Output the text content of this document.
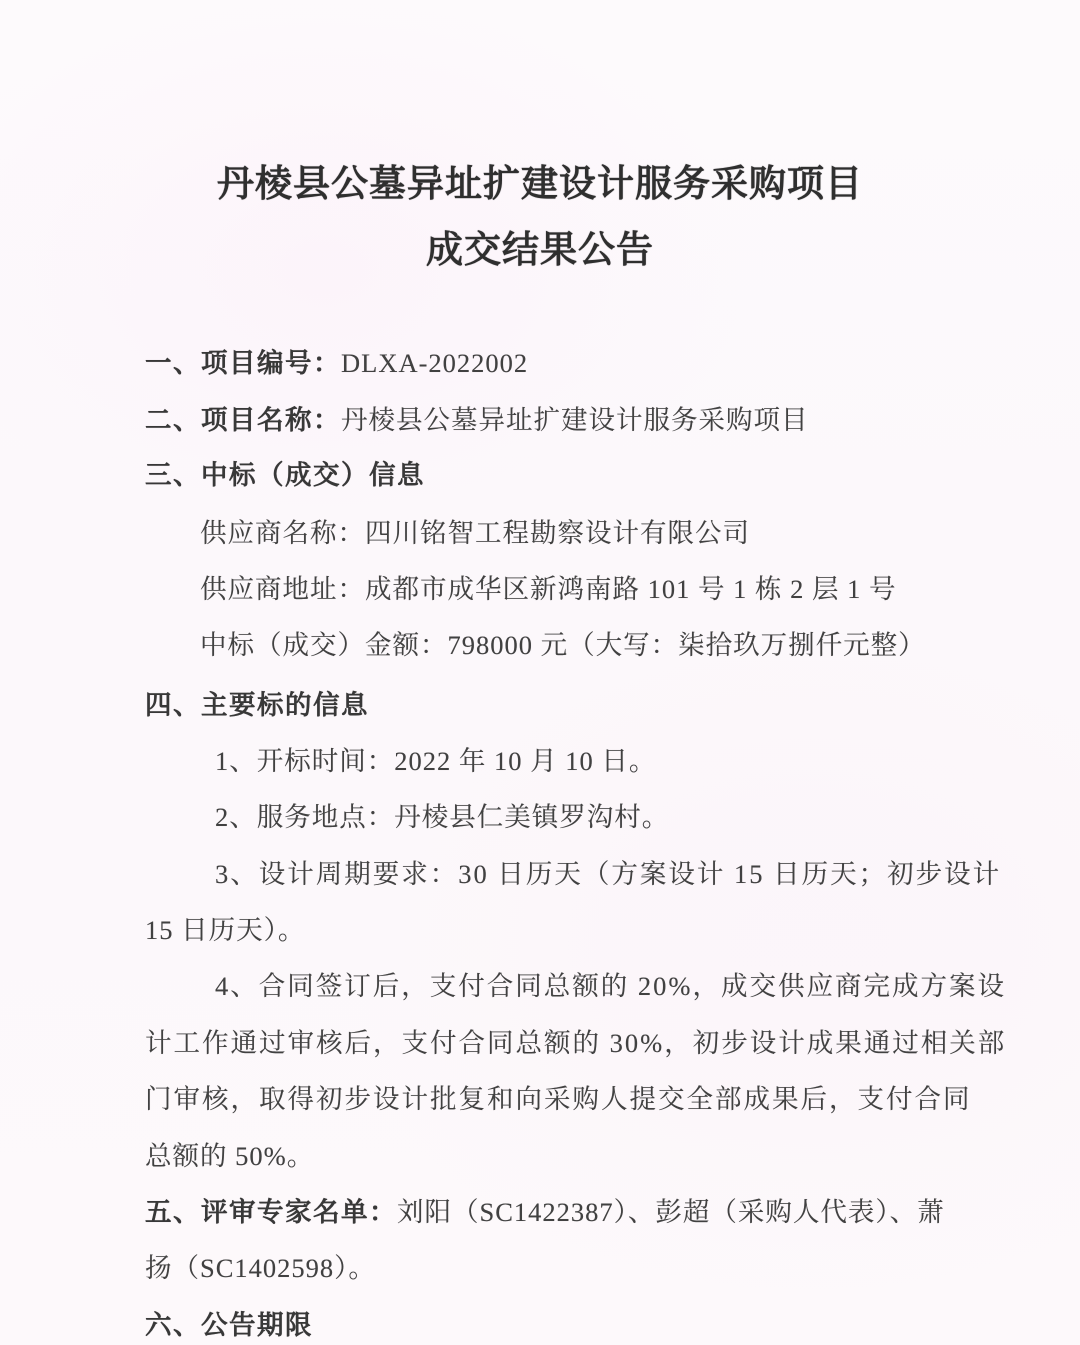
丹棱县公墓异址扩建设计服务采购项目
成交结果公告
一、项目编号：DLXA-2022002
二、项目名称：丹棱县公墓异址扩建设计服务采购项目
三、中标（成交）信息
供应商名称：四川铭智工程勘察设计有限公司
供应商地址：成都市成华区新鸿南路 101 号 1 栋 2 层 1 号
中标（成交）金额：798000 元（大写：柒拾玖万捌仟元整）
四、主要标的信息
1、开标时间：2022 年 10 月 10 日。
2、服务地点：丹棱县仁美镇罗沟村。
3、设计周期要求：30 日历天（方案设计 15 日历天；初步设计
15 日历天）。
4、合同签订后，支付合同总额的 20%，成交供应商完成方案设
计工作通过审核后，支付合同总额的 30%，初步设计成果通过相关部
门审核，取得初步设计批复和向采购人提交全部成果后，支付合同
总额的 50%。
五、评审专家名单：刘阳（SC1422387）、彭超（采购人代表）、萧
扬（SC1402598）。
六、公告期限
